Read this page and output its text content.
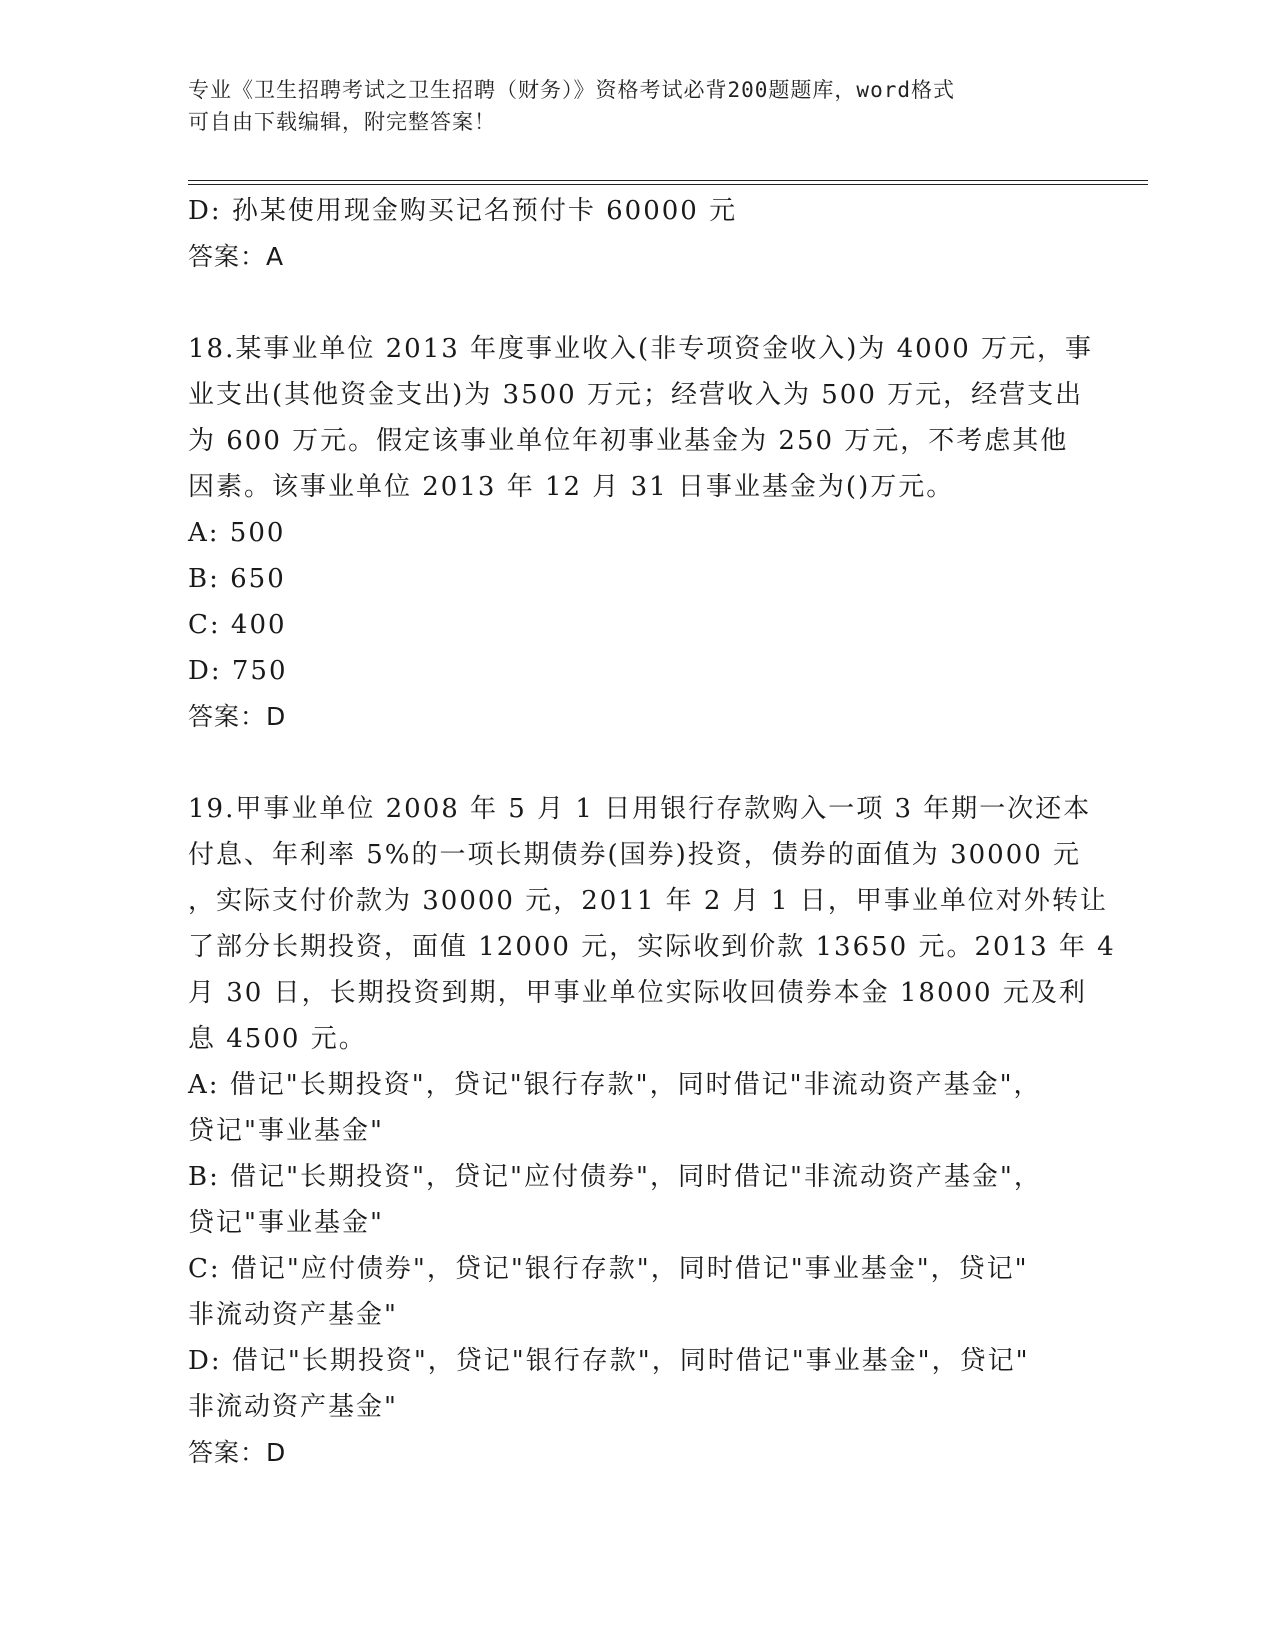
专业《卫生招聘考试之卫生招聘（财务）》资格考试必背200题题库，word格式
可自由下载编辑，附完整答案！
D: 孙某使用现金购买记名预付卡 60000 元
答案：A
18.某事业单位 2013 年度事业收入(非专项资金收入)为 4000 万元，事
业支出(其他资金支出)为 3500 万元；经营收入为 500 万元，经营支出
为 600 万元。假定该事业单位年初事业基金为 250 万元，不考虑其他
因素。该事业单位 2013 年 12 月 31 日事业基金为()万元。
A: 500
B: 650
C: 400
D: 750
答案：D
19.甲事业单位 2008 年 5 月 1 日用银行存款购入一项 3 年期一次还本
付息、年利率 5%的一项长期债券(国券)投资，债券的面值为 30000 元
，实际支付价款为 30000 元，2011 年 2 月 1 日，甲事业单位对外转让
了部分长期投资，面值 12000 元，实际收到价款 13650 元。2013 年 4
月 30 日，长期投资到期，甲事业单位实际收回债券本金 18000 元及利
息 4500 元。
A: 借记"长期投资"，贷记"银行存款"，同时借记"非流动资产基金"，
贷记"事业基金"
B: 借记"长期投资"，贷记"应付债券"，同时借记"非流动资产基金"，
贷记"事业基金"
C: 借记"应付债券"，贷记"银行存款"，同时借记"事业基金"，贷记"
非流动资产基金"
D: 借记"长期投资"，贷记"银行存款"，同时借记"事业基金"，贷记"
非流动资产基金"
答案：D
